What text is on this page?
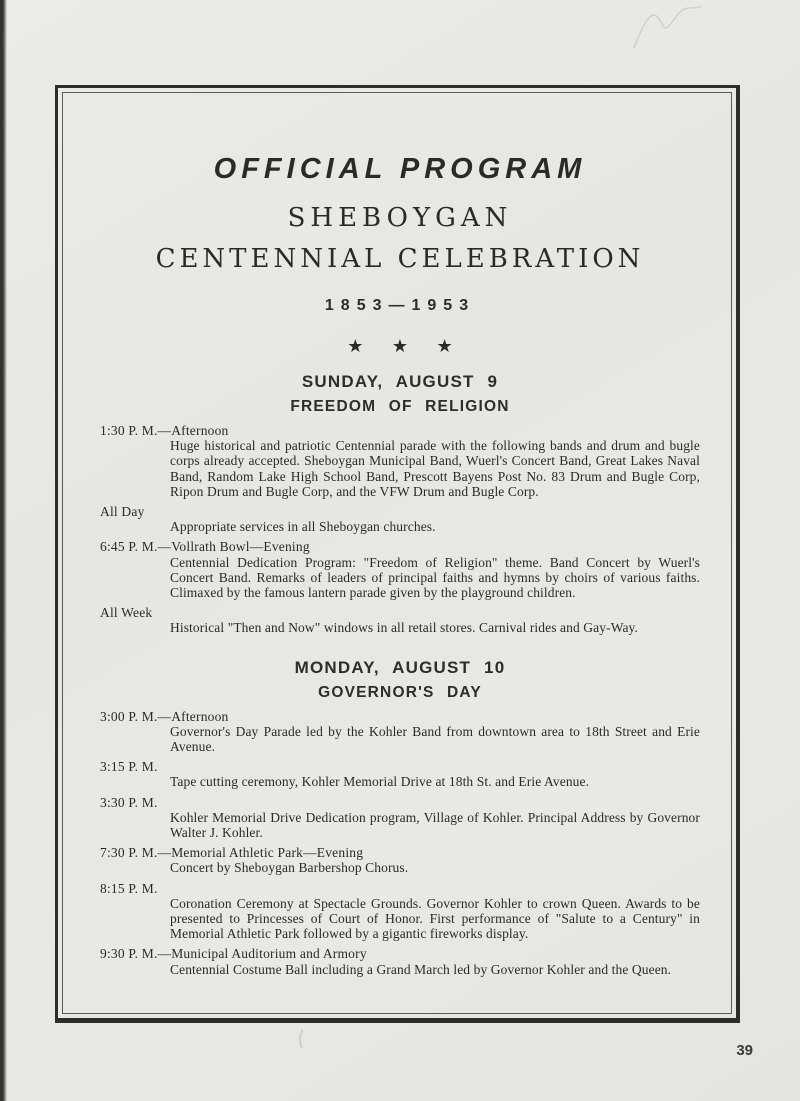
OFFICIAL PROGRAM
SHEBOYGAN
CENTENNIAL CELEBRATION
1853—1953
★ ★ ★
SUNDAY, AUGUST 9
FREEDOM OF RELIGION
1:30 P. M.—Afternoon
Huge historical and patriotic Centennial parade with the following bands and drum and bugle corps already accepted. Sheboygan Municipal Band, Wuerl's Concert Band, Great Lakes Naval Band, Random Lake High School Band, Prescott Bayens Post No. 83 Drum and Bugle Corp, Ripon Drum and Bugle Corp, and the VFW Drum and Bugle Corp.
All Day
Appropriate services in all Sheboygan churches.
6:45 P. M.—Vollrath Bowl—Evening
Centennial Dedication Program: "Freedom of Religion" theme. Band Concert by Wuerl's Concert Band. Remarks of leaders of principal faiths and hymns by choirs of various faiths. Climaxed by the famous lantern parade given by the playground children.
All Week
Historical "Then and Now" windows in all retail stores. Carnival rides and Gay-Way.
MONDAY, AUGUST 10
GOVERNOR'S DAY
3:00 P. M.—Afternoon
Governor's Day Parade led by the Kohler Band from downtown area to 18th Street and Erie Avenue.
3:15 P. M.
Tape cutting ceremony, Kohler Memorial Drive at 18th St. and Erie Avenue.
3:30 P. M.
Kohler Memorial Drive Dedication program, Village of Kohler. Principal Address by Governor Walter J. Kohler.
7:30 P. M.—Memorial Athletic Park—Evening
Concert by Sheboygan Barbershop Chorus.
8:15 P. M.
Coronation Ceremony at Spectacle Grounds. Governor Kohler to crown Queen. Awards to be presented to Princesses of Court of Honor. First performance of "Salute to a Century" in Memorial Athletic Park followed by a gigantic fireworks display.
9:30 P. M.—Municipal Auditorium and Armory
Centennial Costume Ball including a Grand March led by Governor Kohler and the Queen.
39
